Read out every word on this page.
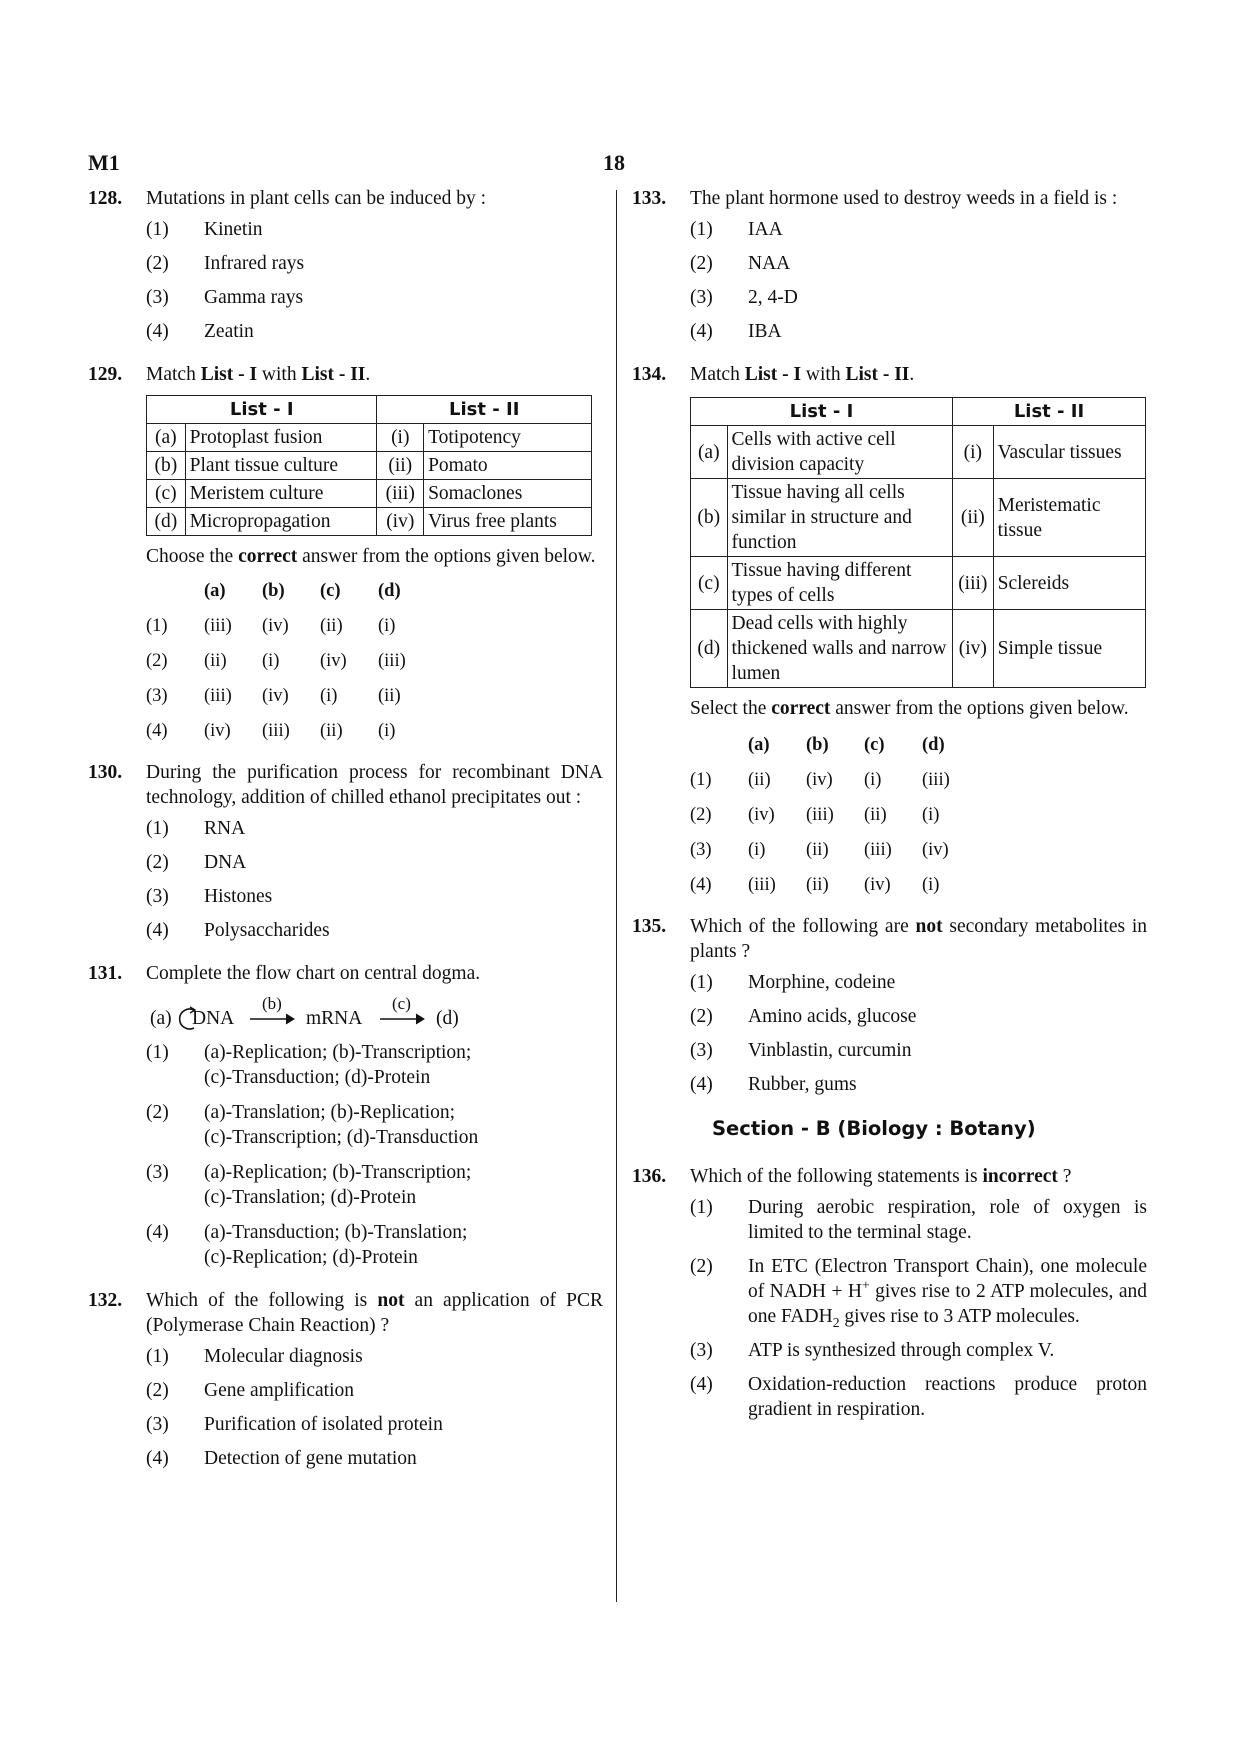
M1	18
128.	Mutations in plant cells can be induced by :
(1)	Kinetin
(2)	Infrared rays
(3)	Gamma rays
(4)	Zeatin
129.	Match List - I with List - II.
List - I		List - II	
(a)	Protoplast fusion	(i)	Totipotency
(b)	Plant tissue culture	(ii)	Pomato
(c)	Meristem culture	(iii)	Somaclones
(d)	Micropropagation	(iv)	Virus free plants
Choose the correct answer from the options given below.
(a)	(b)	(c)	(d)
(1)	(iii)	(iv)	(ii)	(i)
(2)	(ii)	(i)	(iv)	(iii)
(3)	(iii)	(iv)	(i)	(ii)
(4)	(iv)	(iii)	(ii)	(i)
130.	During the purification process for recombinant DNA technology, addition of chilled ethanol precipitates out :
(1)	RNA
(2)	DNA
(3)	Histones
(4)	Polysaccharides
131.	Complete the flow chart on central dogma.
(a) DNA
(b)
mRNA
(c)
(d)
(1)	(a)-Replication; (b)-Transcription;
(c)-Transduction; (d)-Protein
(2)	(a)-Translation; (b)-Replication;
(c)-Transcription; (d)-Transduction
(3)	(a)-Replication; (b)-Transcription;
(c)-Translation; (d)-Protein
(4)	(a)-Transduction; (b)-Translation;
(c)-Replication; (d)-Protein
132.	Which of the following is not an application of PCR (Polymerase Chain Reaction) ?
(1)	Molecular diagnosis
(2)	Gene amplification
(3)	Purification of isolated protein
(4)	Detection of gene mutation
133.	The plant hormone used to destroy weeds in a field is :
(1)	IAA
(2)	NAA
(3)	2, 4-D
(4)	IBA
134.	Match List - I with List - II.
List - I		List - II	
(a)	Cells with active cell division capacity	(i)	Vascular tissues
(b)	Tissue having all cells similar in structure and function	(ii)	Meristematic tissue
(c)	Tissue having different types of cells	(iii)	Sclereids
(d)	Dead cells with highly thickened walls and narrow lumen	(iv)	Simple tissue
Select the correct answer from the options given below.
(a)	(b)	(c)	(d)
(1)	(ii)	(iv)	(i)	(iii)
(2)	(iv)	(iii)	(ii)	(i)
(3)	(i)	(ii)	(iii)	(iv)
(4)	(iii)	(ii)	(iv)	(i)
135.	Which of the following are not secondary metabolites in plants ?
(1)	Morphine, codeine
(2)	Amino acids, glucose
(3)	Vinblastin, curcumin
(4)	Rubber, gums
Section - B (Biology : Botany)
136.	Which of the following statements is incorrect ?
(1)	During aerobic respiration, role of oxygen is limited to the terminal stage.
(2)	In ETC (Electron Transport Chain), one molecule of NADH + H+ gives rise to 2 ATP molecules, and one $FADH_2$ gives rise to 3 ATP molecules.
(3)	ATP is synthesized through complex V.
(4)	Oxidation-reduction reactions produce proton gradient in respiration.
